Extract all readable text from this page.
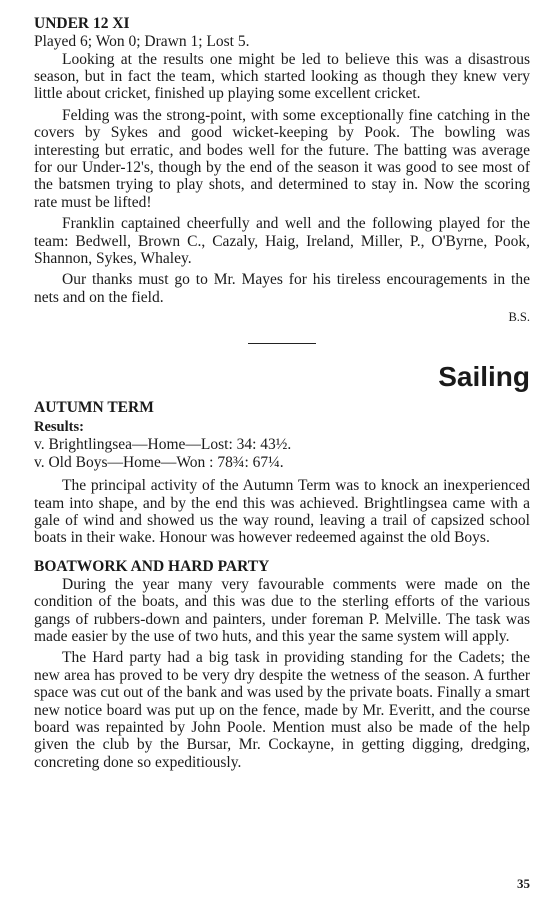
UNDER 12 XI

Played 6; Won 0; Drawn 1; Lost 5.

Looking at the results one might be led to believe this was a disastrous season, but in fact the team, which started looking as though they knew very little about cricket, finished up playing some excellent cricket.

Felding was the strong-point, with some exceptionally fine catching in the covers by Sykes and good wicket-keeping by Pook. The bowling was interesting but erratic, and bodes well for the future. The batting was average for our Under-12's, though by the end of the season it was good to see most of the batsmen trying to play shots, and determined to stay in. Now the scoring rate must be lifted!

Franklin captained cheerfully and well and the following played for the team: Bedwell, Brown C., Cazaly, Haig, Ireland, Miller, P., O'Byrne, Pook, Shannon, Sykes, Whaley.

Our thanks must go to Mr. Mayes for his tireless encouragements in the nets and on the field.

B.S.

Sailing
AUTUMN TERM

Results:

v. Brightlingsea—Home—Lost: 34: 43½.

v. Old Boys—Home—Won : 78¾: 67¼.

The principal activity of the Autumn Term was to knock an inexperienced team into shape, and by the end this was achieved. Brightlingsea came with a gale of wind and showed us the way round, leaving a trail of capsized school boats in their wake. Honour was however redeemed against the old Boys.

BOATWORK AND HARD PARTY

During the year many very favourable comments were made on the condition of the boats, and this was due to the sterling efforts of the various gangs of rubbers-down and painters, under foreman P. Melville. The task was made easier by the use of two huts, and this year the same system will apply.

The Hard party had a big task in providing standing for the Cadets; the new area has proved to be very dry despite the wetness of the season. A further space was cut out of the bank and was used by the private boats. Finally a smart new notice board was put up on the fence, made by Mr. Everitt, and the course board was repainted by John Poole. Mention must also be made of the help given the club by the Bursar, Mr. Cockayne, in getting digging, dredging, concreting done so expeditiously.

35
